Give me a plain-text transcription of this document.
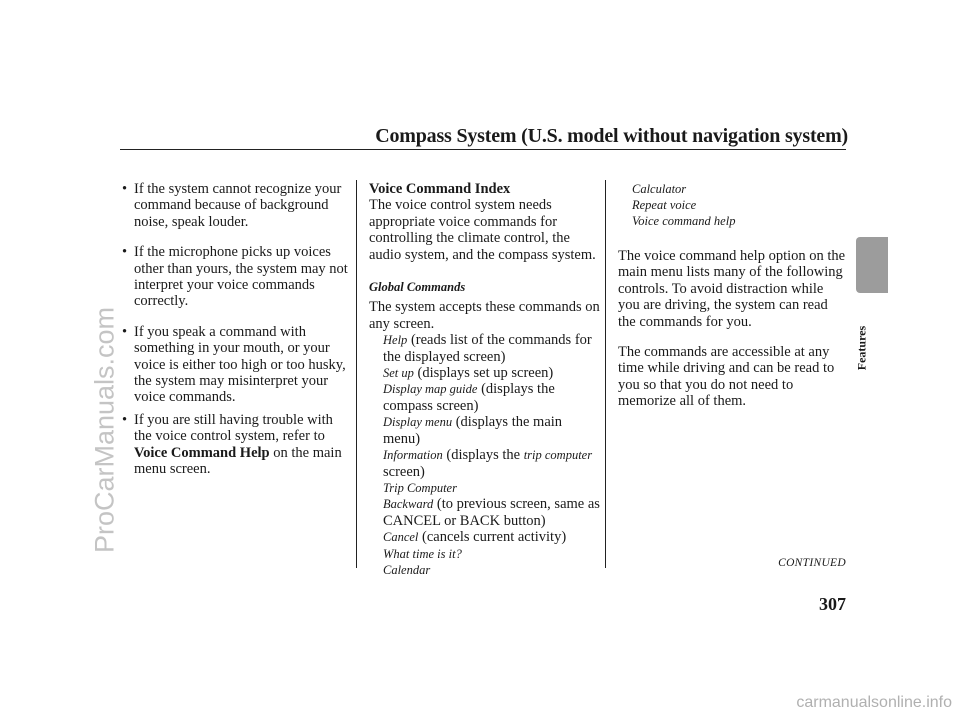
Compass System (U.S. model without navigation system)
• If the system cannot recognize your command because of background noise, speak louder.
• If the microphone picks up voices other than yours, the system may not interpret your voice commands correctly.
• If you speak a command with something in your mouth, or your voice is either too high or too husky, the system may misinterpret your voice commands.
• If you are still having trouble with the voice control system, refer to Voice Command Help on the main menu screen.
Voice Command Index
The voice control system needs appropriate voice commands for controlling the climate control, the audio system, and the compass system.
Global Commands
The system accepts these commands on any screen.
Help (reads list of the commands for the displayed screen)
Set up (displays set up screen)
Display map guide (displays the compass screen)
Display menu (displays the main menu)
Information (displays the trip computer screen)
Trip Computer
Backward (to previous screen, same as CANCEL or BACK button)
Cancel (cancels current activity)
What time is it?
Calendar
Calculator
Repeat voice
Voice command help
The voice command help option on the main menu lists many of the following controls. To avoid distraction while you are driving, the system can read the commands for you.
The commands are accessible at any time while driving and can be read to you so that you do not need to memorize all of them.
CONTINUED
307
Features
ProCarManuals.com
carmanualsonline.info
